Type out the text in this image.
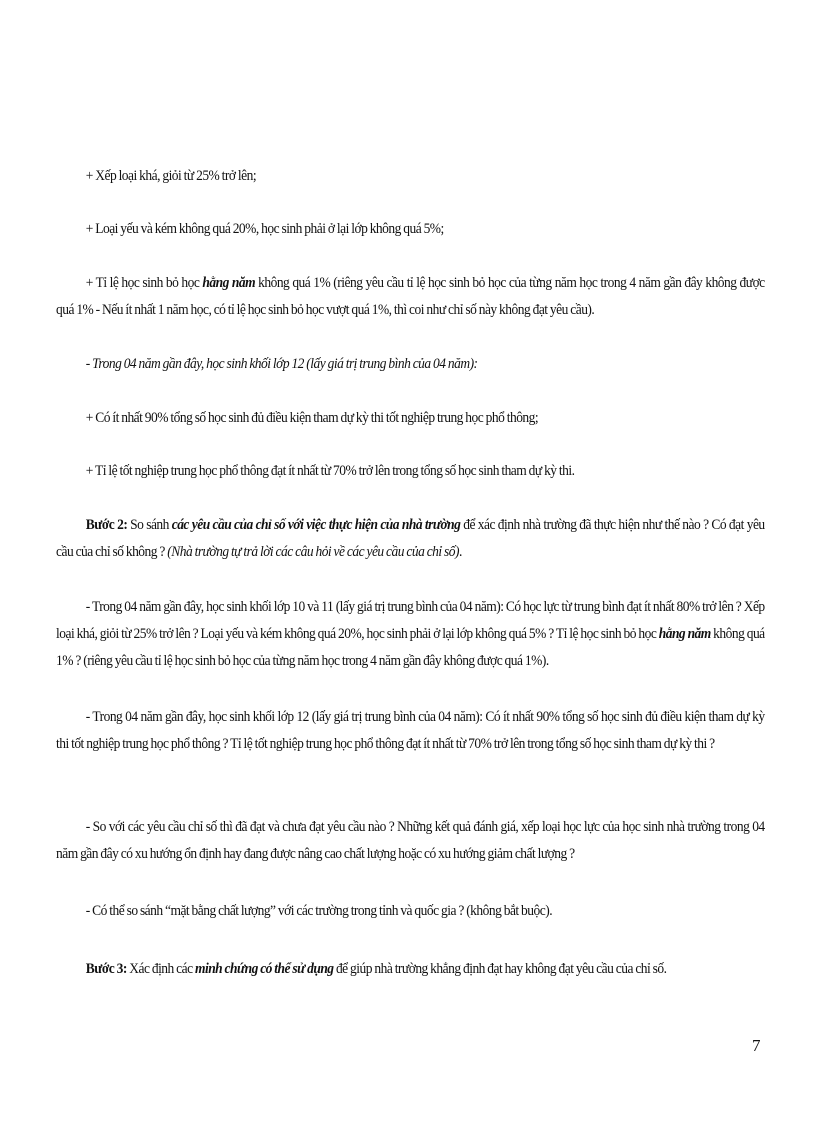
+ Xếp loại khá, giỏi từ 25% trở lên;

+ Loại yếu và kém không quá 20%, học sinh phải ở lại lớp không quá 5%;

+ Tỉ lệ học sinh bỏ học hằng năm không quá 1% (riêng yêu cầu tỉ lệ học sinh bỏ học của từng năm học trong 4 năm gần đây không được quá 1% - Nếu ít nhất 1 năm học, có tỉ lệ học sinh bỏ học vượt quá 1%, thì coi như chỉ số này không đạt yêu cầu).

- Trong 04 năm gần đây, học sinh khối lớp 12 (lấy giá trị trung bình của 04 năm):

+ Có ít nhất 90% tổng số học sinh đủ điều kiện tham dự kỳ thi tốt nghiệp trung học phổ thông;

+ Tỉ lệ tốt nghiệp trung học phổ thông đạt ít nhất từ 70% trở lên trong tổng số học sinh tham dự kỳ thi.

Bước 2: So sánh các yêu cầu của chỉ số với việc thực hiện của nhà trường để xác định nhà trường đã thực hiện như thế nào ? Có đạt yêu cầu của chỉ số không ? (Nhà trường tự trả lời các câu hỏi về các yêu cầu của chỉ số).

- Trong 04 năm gần đây, học sinh khối lớp 10 và 11 (lấy giá trị trung bình của 04 năm): Có học lực từ trung bình đạt ít nhất 80% trở lên ? Xếp loại khá, giỏi từ 25% trở lên ? Loại yếu và kém không quá 20%, học sinh phải ở lại lớp không quá 5% ? Tỉ lệ học sinh bỏ học hằng năm không quá 1% ? (riêng yêu cầu tỉ lệ học sinh bỏ học của từng năm học trong 4 năm gần đây không được quá 1%).

- Trong 04 năm gần đây, học sinh khối lớp 12 (lấy giá trị trung bình của 04 năm): Có ít nhất 90% tổng số học sinh đủ điều kiện tham dự kỳ thi tốt nghiệp trung học phổ thông ? Tỉ lệ tốt nghiệp trung học phổ thông đạt ít nhất từ 70% trở lên trong tổng số học sinh tham dự kỳ thi ?

- So với các yêu cầu chỉ số thì đã đạt và chưa đạt yêu cầu nào ? Những kết quả đánh giá, xếp loại học lực của học sinh nhà trường trong 04 năm gần đây có xu hướng ổn định hay đang được nâng cao chất lượng hoặc có xu hướng giảm chất lượng ?

- Có thể so sánh “mặt bằng chất lượng” với các trường trong tỉnh và quốc gia ? (không bắt buộc).

Bước 3: Xác định các minh chứng có thể sử dụng để giúp nhà trường khẳng định đạt hay không đạt yêu cầu của chỉ số.

7
